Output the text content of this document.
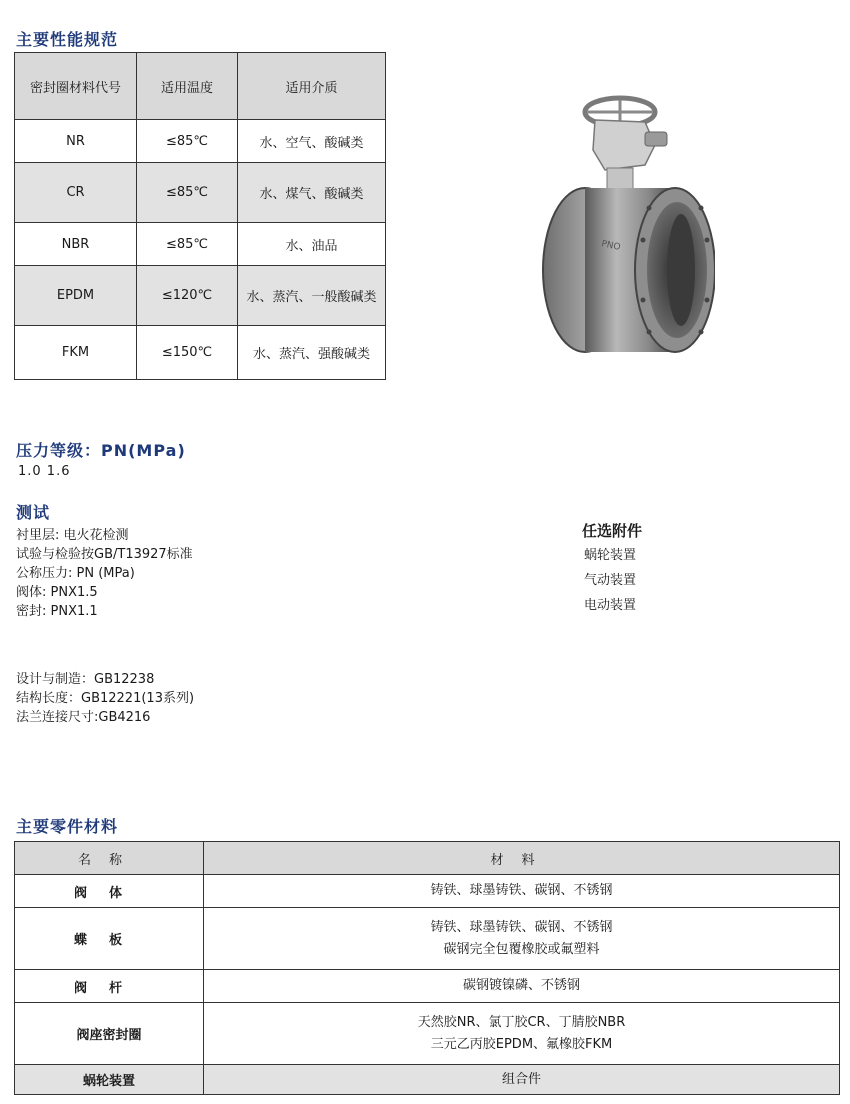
主要性能规范
密封圈材料代号	适用温度	适用介质
NR	≤85℃	水、空气、酸碱类
CR	≤85℃	水、煤气、酸碱类
NBR	≤85℃	水、油品
EPDM	≤120℃	水、蒸汽、一般酸碱类
FKM	≤150℃	水、蒸汽、强酸碱类
PNO
压力等级：PN(MPa)
1.0 1.6
测试
衬里层: 电火花检测
试验与检验按GB/T13927标准
公称压力: PN (MPa)
阀体: PNX1.5
密封: PNX1.1
设计与制造：GB12238
结构长度：GB12221(13系列)
法兰连接尺寸:GB4216
任选附件
蜗轮装置
气动装置
电动装置
主要零件材料
名称	材料
阀体	铸铁、球墨铸铁、碳钢、不锈钢

蝶板	铸铁、球墨铸铁、碳钢、不锈钢
碳钢完全包覆橡胶或氟塑料

阀杆	碳钢镀镍磷、不锈钢

阀座密封圈	天然胶NR、氯丁胶CR、丁腈胶NBR
三元乙丙胶EPDM、氟橡胶FKM

蜗轮装置	组合件
